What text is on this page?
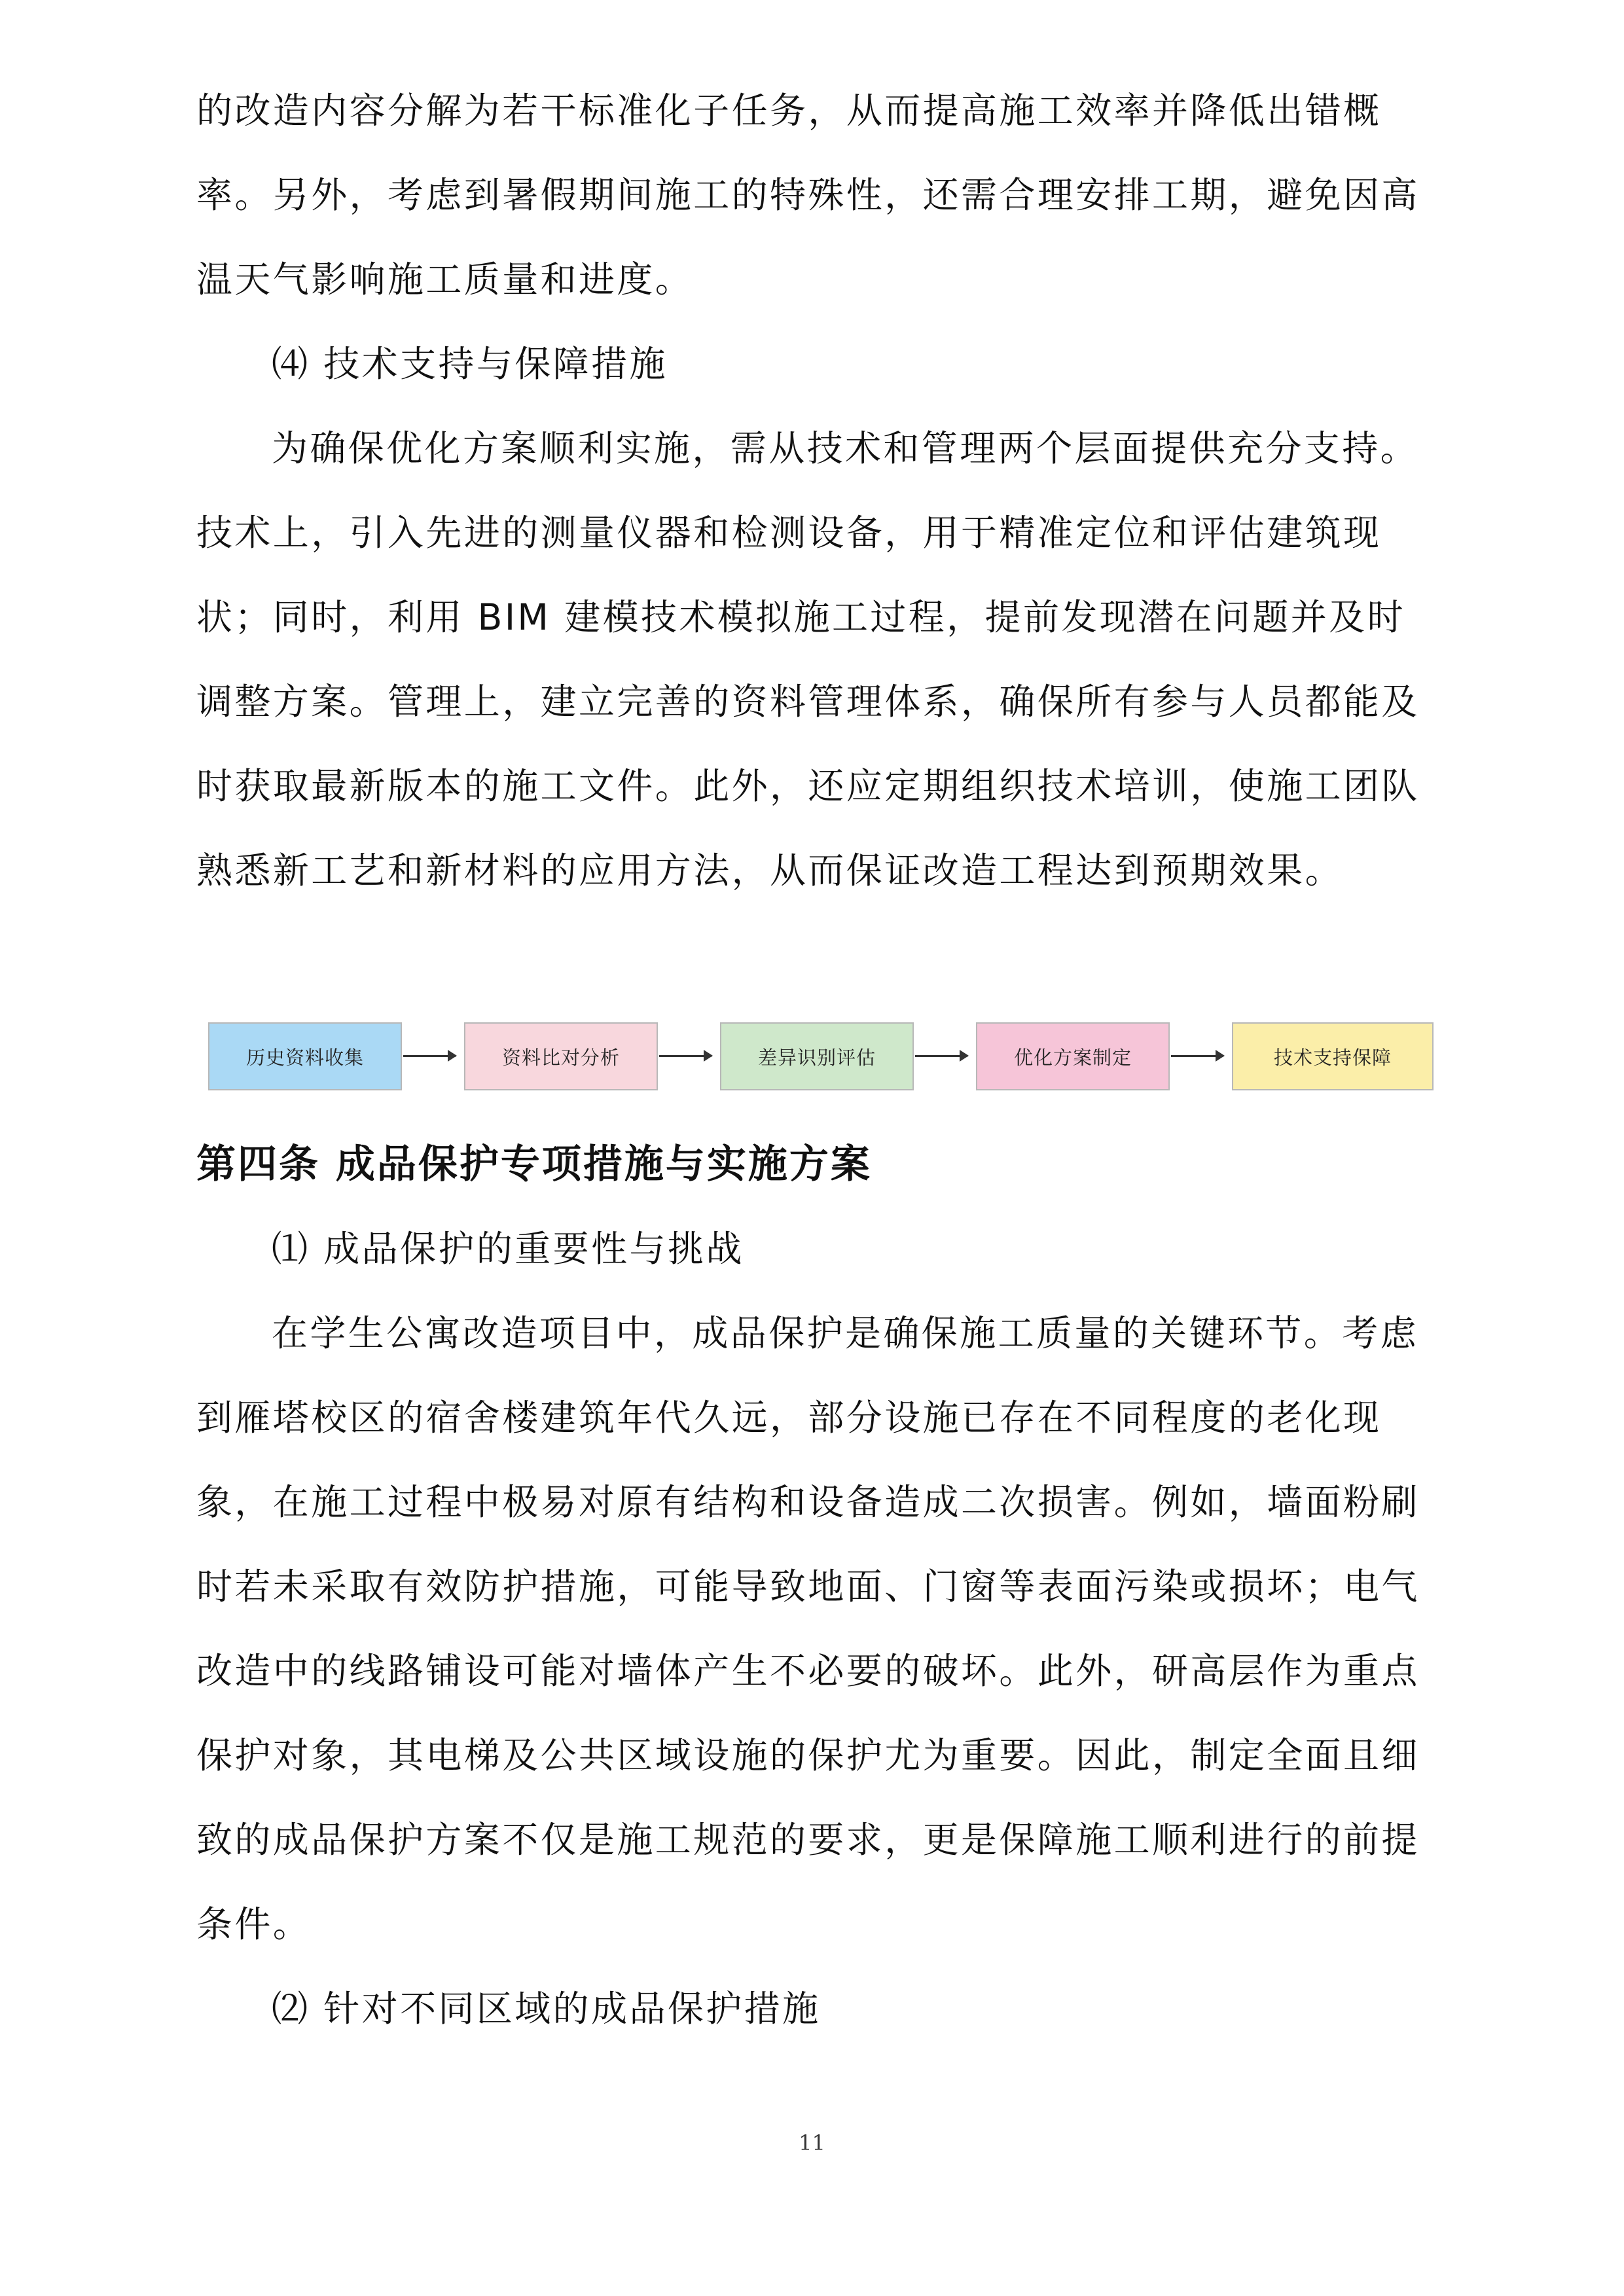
的改造内容分解为若干标准化子任务，从而提高施工效率并降低出错概

率。另外，考虑到暑假期间施工的特殊性，还需合理安排工期，避免因高

温天气影响施工质量和进度。

⑷ 技术支持与保障措施

为确保优化方案顺利实施，需从技术和管理两个层面提供充分支持。

技术上，引入先进的测量仪器和检测设备，用于精准定位和评估建筑现

状；同时，利用 BIM 建模技术模拟施工过程，提前发现潜在问题并及时

调整方案。管理上，建立完善的资料管理体系，确保所有参与人员都能及

时获取最新版本的施工文件。此外，还应定期组织技术培训，使施工团队

熟悉新工艺和新材料的应用方法，从而保证改造工程达到预期效果。

历史资料收集	资料比对分析	差异识别评估	优化方案制定	技术支持保障

第四条 成品保护专项措施与实施方案

⑴ 成品保护的重要性与挑战

在学生公寓改造项目中，成品保护是确保施工质量的关键环节。考虑

到雁塔校区的宿舍楼建筑年代久远，部分设施已存在不同程度的老化现

象，在施工过程中极易对原有结构和设备造成二次损害。例如，墙面粉刷

时若未采取有效防护措施，可能导致地面、门窗等表面污染或损坏；电气

改造中的线路铺设可能对墙体产生不必要的破坏。此外，研高层作为重点

保护对象，其电梯及公共区域设施的保护尤为重要。因此，制定全面且细

致的成品保护方案不仅是施工规范的要求，更是保障施工顺利进行的前提

条件。

⑵ 针对不同区域的成品保护措施

11
